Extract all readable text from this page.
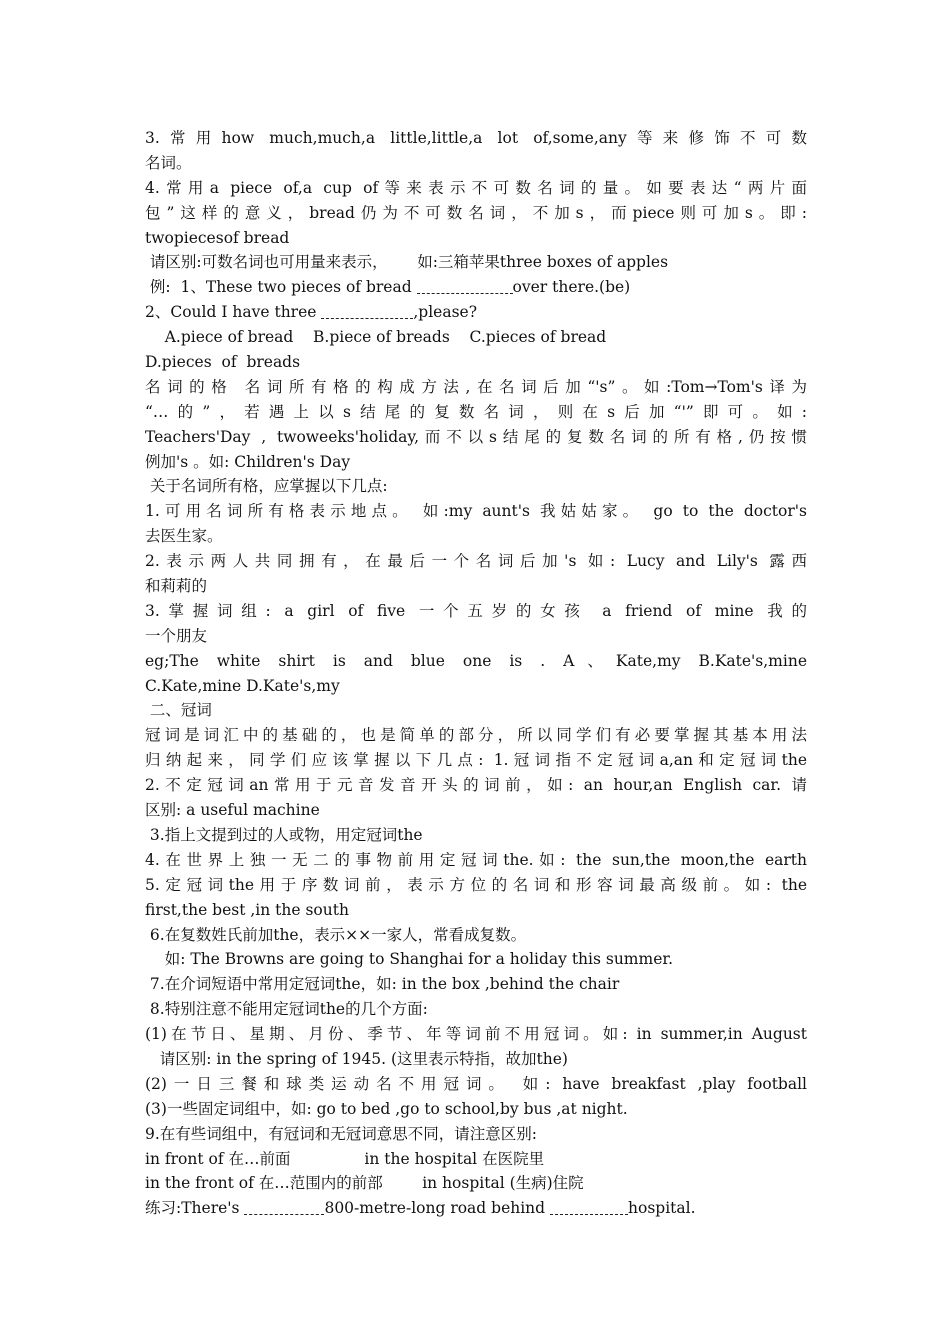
3.常用how much,much,a little,little,a lot of,some,any等来修饰不可数
名词。
4.常用a piece of,a cup of等来表示不可数名词的量。如要表达“两片面
包”这样的意义，bread仍为不可数名词，不加s，而piece则可加s。即:
twopiecesof bread
请区别:可数名词也可用量来表示，      如:三箱苹果three boxes of apples
例:  1、These two pieces of bread	over there.(be)
2、Could I have three	,please?
A.piece of bread    B.piece of breads    C.pieces of bread
D.pieces  of  breads
名词的格 名词所有格的构成方法,在名词后加“'s”。如:Tom→Tom's译为
“…的”，若遇上以s结尾的复数名词，则在s后加“'”即可。如:
Teachers'Day , twoweeks'holiday,而不以s结尾的复数名词的所有格,仍按惯
例加's 。如: Children's Day
关于名词所有格，应掌握以下几点:
1.可用名词所有格表示地点。 如:my aunt's 我姑姑家。 go to the doctor's
去医生家。
2.表示两人共同拥有，在最后一个名词后加's 如: Lucy and Lily's 露西
和莉莉的
3.掌握词组: a girl of five 一个五岁的女孩 a friend of mine 我的
一个朋友
eg;The white shirt is and blue one is . A、Kate,my B.Kate's,mine
C.Kate,mine D.Kate's,my
二、冠词
冠词是词汇中的基础的，也是简单的部分，所以同学们有必要掌握其基本用法
归纳起来，同学们应该掌握以下几点: 1.冠词指不定冠词a,an和定冠词the
2.不定冠词an常用于元音发音开头的词前，如: an hour,an English car. 请
区别: a useful machine
3.指上文提到过的人或物，用定冠词the
4.在世界上独一无二的事物前用定冠词the.如: the sun,the moon,the earth
5.定冠词the用于序数词前，表示方位的名词和形容词最高级前。如: the
first,the best ,in the south
6.在复数姓氏前加the，表示××一家人，常看成复数。
如: The Browns are going to Shanghai for a holiday this summer.
7.在介词短语中常用定冠词the，如: in the box ,behind the chair
8.特别注意不能用定冠词the的几个方面:
(1)在节日、星期、月份、季节、年等词前不用冠词。如: in summer,in August
请区别: in the spring of 1945. (这里表示特指，故加the)
(2)一日三餐和球类运动名不用冠词。 如: have breakfast ,play football
(3)一些固定词组中，如: go to bed ,go to school,by bus ,at night.
9.在有些词组中，有冠词和无冠词意思不同，请注意区别:
in front of 在…前面               in the hospital 在医院里
in the front of 在…范围内的前部        in hospital (生病)住院
练习:There's	800-metre-long road behind	hospital.
